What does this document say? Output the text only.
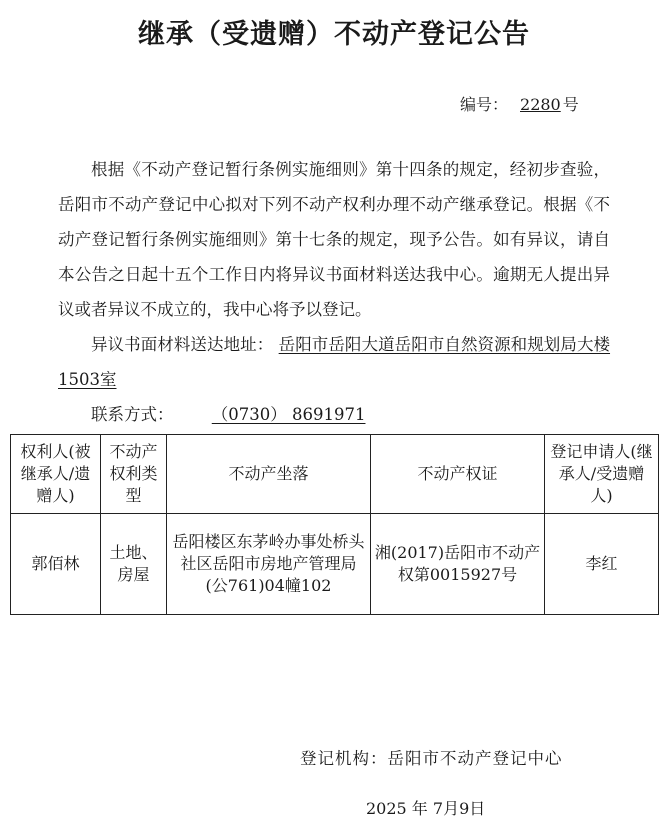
继承（受遗赠）不动产登记公告
编号： 2280 号

根据《不动产登记暂行条例实施细则》第十四条的规定，经初步查验，岳阳市不动产登记中心拟对下列不动产权利办理不动产继承登记。根据《不动产登记暂行条例实施细则》第十七条的规定，现予公告。如有异议，请自本公告之日起十五个工作日内将异议书面材料送达我中心。逾期无人提出异议或者异议不成立的，我中心将予以登记。

异议书面材料送达地址： 岳阳市岳阳大道岳阳市自然资源和规划局大楼1503室

联系方式： （0730） 8691971

权利人(被继承人/遗赠人)	不动产权利类型	不动产坐落	不动产权证	登记申请人(继承人/受遗赠人)
郭佰林	土地、房屋	岳阳楼区东茅岭办事处桥头社区岳阳市房地产管理局(公761)04幢102	湘(2017)岳阳市不动产权第0015927号	李红
登记机构：岳阳市不动产登记中心
2025 年 7月9日
